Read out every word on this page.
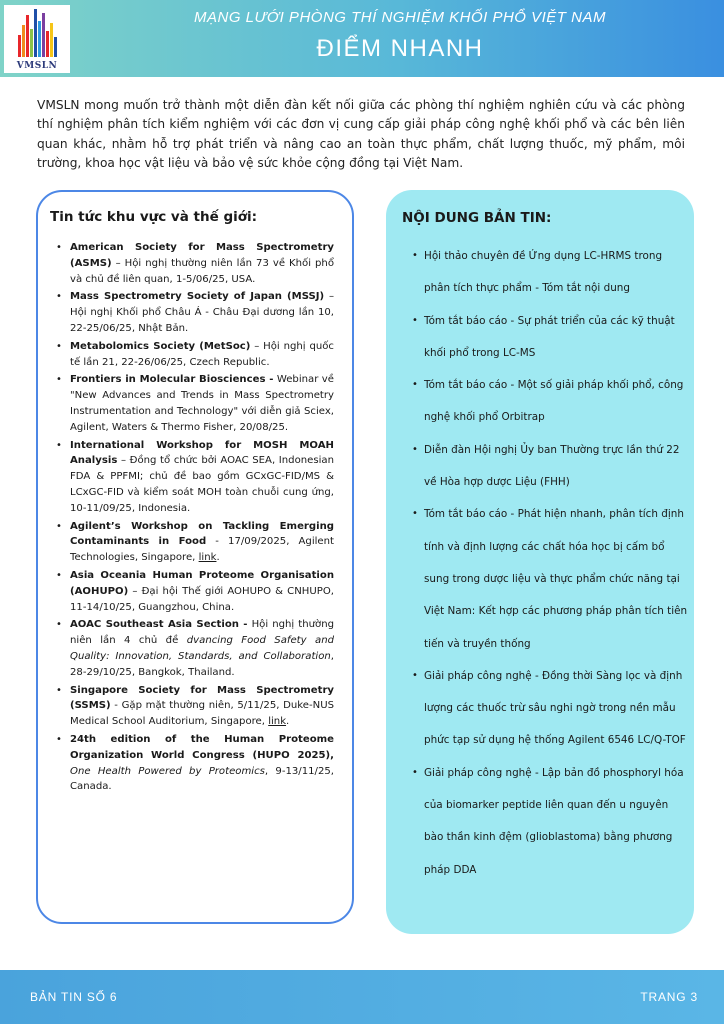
VMSLN
MẠNG LƯỚI PHÒNG THÍ NGHIỆM KHỐI PHỔ VIỆT NAM
ĐIỂM NHANH
VMSLN mong muốn trở thành một diễn đàn kết nối giữa các phòng thí nghiệm nghiên cứu và các phòng thí nghiệm phân tích kiểm nghiệm với các đơn vị cung cấp giải pháp công nghệ khối phổ và các bên liên quan khác, nhằm hỗ trợ phát triển và nâng cao an toàn thực phẩm, chất lượng thuốc, mỹ phẩm, môi trường, khoa học vật liệu và bảo vệ sức khỏe cộng đồng tại Việt Nam.
Tin tức khu vực và thế giới:
• American Society for Mass Spectrometry (ASMS) – Hội nghị thường niên lần 73 về Khối phổ và chủ đề liên quan, 1-5/06/25, USA.
• Mass Spectrometry Society of Japan (MSSJ) – Hội nghị Khối phổ Châu Á - Châu Đại dương lần 10, 22-25/06/25, Nhật Bản.
• Metabolomics Society (MetSoc) – Hội nghị quốc tế lần 21, 22-26/06/25, Czech Republic.
• Frontiers in Molecular Biosciences - Webinar về "New Advances and Trends in Mass Spectrometry Instrumentation and Technology" với diễn giả Sciex, Agilent, Waters & Thermo Fisher, 20/08/25.
• International Workshop for MOSH MOAH Analysis – Đồng tổ chức bởi AOAC SEA, Indonesian FDA & PPFMI; chủ đề bao gồm GCxGC-FID/MS & LCxGC-FID và kiểm soát MOH toàn chuỗi cung ứng, 10-11/09/25, Indonesia.
• Agilent’s Workshop on Tackling Emerging Contaminants in Food - 17/09/2025, Agilent Technologies, Singapore, link.
• Asia Oceania Human Proteome Organisation (AOHUPO) – Đại hội Thế giới AOHUPO & CNHUPO, 11-14/10/25, Guangzhou, China.
• AOAC Southeast Asia Section - Hội nghị thường niên lần 4 chủ đề dvancing Food Safety and Quality: Innovation, Standards, and Collaboration, 28-29/10/25, Bangkok, Thailand.
• Singapore Society for Mass Spectrometry (SSMS) - Gặp mặt thường niên, 5/11/25, Duke-NUS Medical School Auditorium, Singapore, link.
• 24th edition of the Human Proteome Organization World Congress (HUPO 2025), One Health Powered by Proteomics, 9-13/11/25, Canada.
NỘI DUNG BẢN TIN:
• Hội thảo chuyên đề Ứng dụng LC-HRMS trong phân tích thực phẩm - Tóm tắt nội dung
• Tóm tắt báo cáo - Sự phát triển của các kỹ thuật khối phổ trong LC-MS
• Tóm tắt báo cáo - Một số giải pháp khối phổ, công nghệ khối phổ Orbitrap
• Diễn đàn Hội nghị Ủy ban Thường trực lần thứ 22 về Hòa hợp dược Liệu (FHH)
• Tóm tắt báo cáo - Phát hiện nhanh, phân tích định tính và định lượng các chất hóa học bị cấm bổ sung trong dược liệu và thực phẩm chức năng tại Việt Nam: Kết hợp các phương pháp phân tích tiên tiến và truyền thống
• Giải pháp công nghệ - Đồng thời Sàng lọc và định lượng các thuốc trừ sâu nghi ngờ trong nền mẫu phức tạp sử dụng hệ thống Agilent 6546 LC/Q-TOF
• Giải pháp công nghệ - Lập bản đồ phosphoryl hóa của biomarker peptide liên quan đến u nguyên bào thần kinh đệm (glioblastoma) bằng phương pháp DDA
BẢN TIN SỐ 6	TRANG 3
